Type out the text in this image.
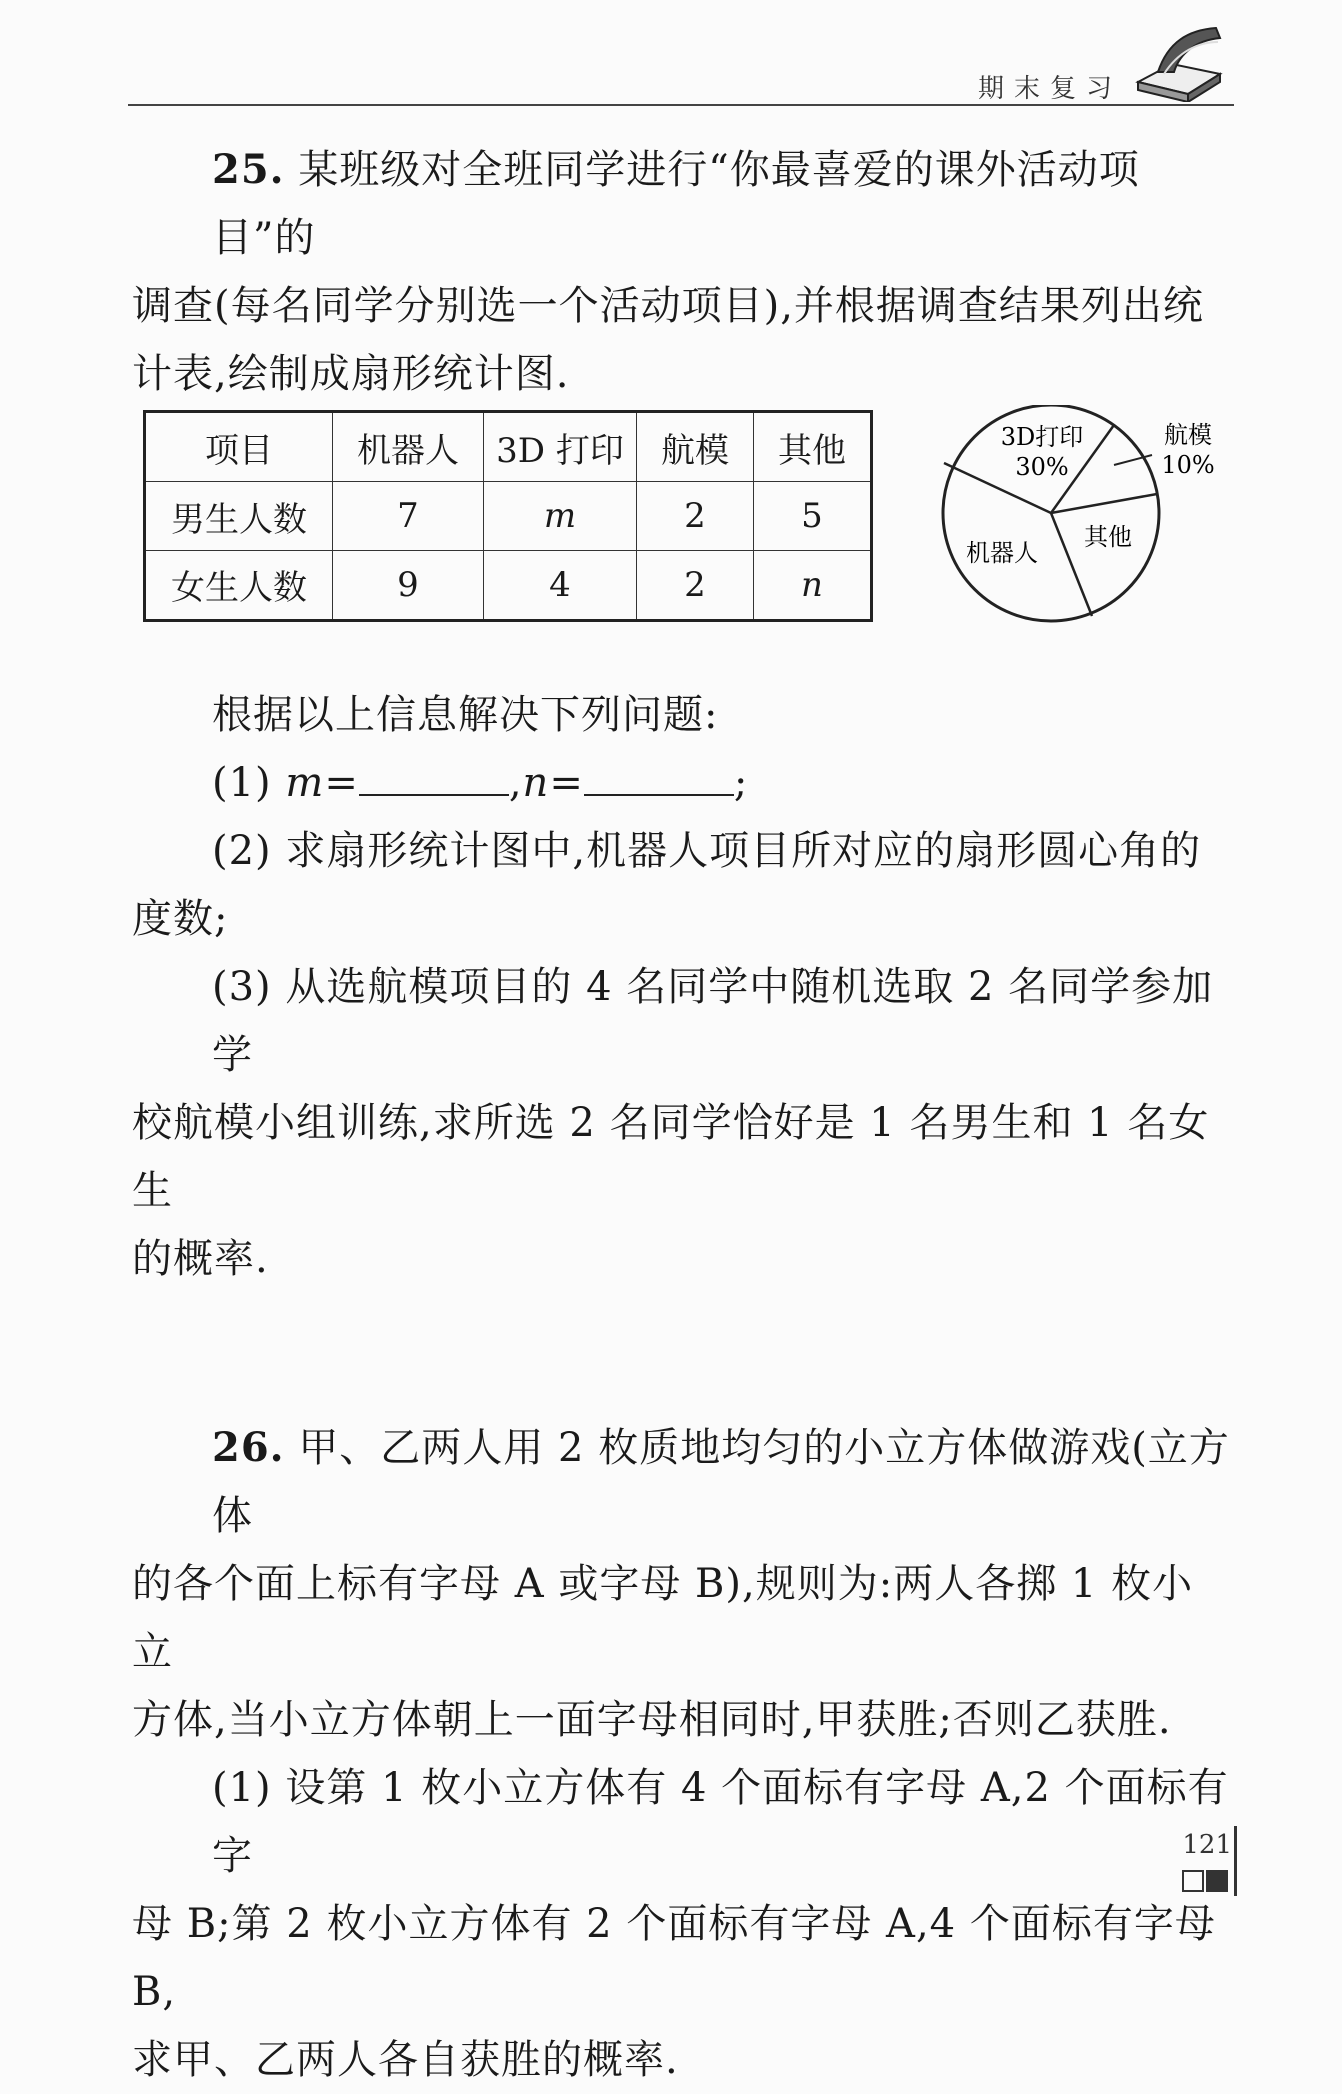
期末复习

25. 某班级对全班同学进行“你最喜爱的课外活动项目”的

调查(每名同学分别选一个活动项目),并根据调查结果列出统

计表,绘制成扇形统计图.

项目	机器人	3D 打印	航模	其他
男生人数	7	m	2	5
女生人数	9	4	2	n
3D打印
30%
航模
10%
其他
机器人

根据以上信息解决下列问题:

(1) m=	,n=	;

(2) 求扇形统计图中,机器人项目所对应的扇形圆心角的

度数;

(3) 从选航模项目的 4 名同学中随机选取 2 名同学参加学

校航模小组训练,求所选 2 名同学恰好是 1 名男生和 1 名女生

的概率.

26. 甲、乙两人用 2 枚质地均匀的小立方体做游戏(立方体

的各个面上标有字母 A 或字母 B),规则为:两人各掷 1 枚小立

方体,当小立方体朝上一面字母相同时,甲获胜;否则乙获胜.

(1) 设第 1 枚小立方体有 4 个面标有字母 A,2 个面标有字

母 B;第 2 枚小立方体有 2 个面标有字母 A,4 个面标有字母 B,

求甲、乙两人各自获胜的概率.

121
